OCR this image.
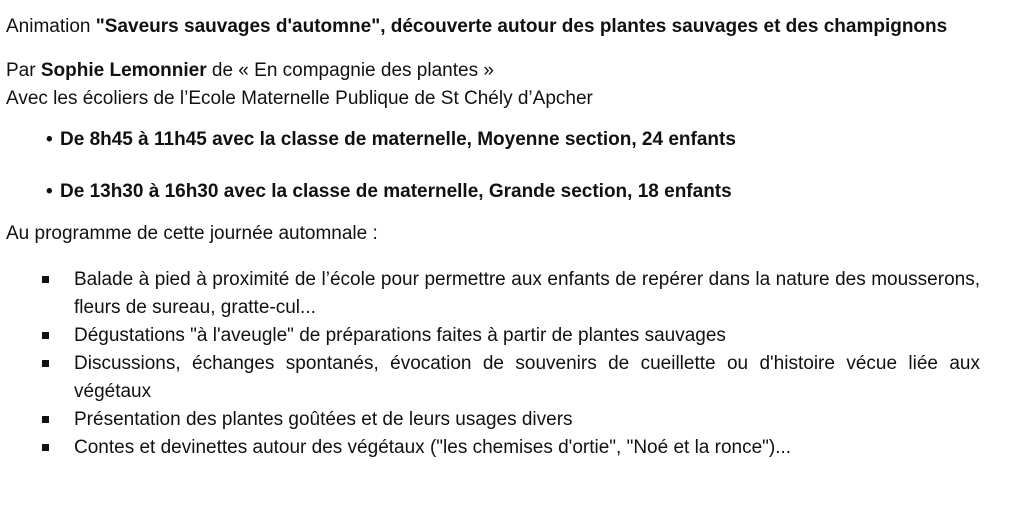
Animation "Saveurs sauvages d'automne", découverte autour des plantes sauvages et des champignons

Par Sophie Lemonnier de « En compagnie des plantes »

Avec les écoliers de l’Ecole Maternelle Publique de St Chély d’Apcher

• De 8h45 à 11h45 avec la classe de maternelle, Moyenne section, 24 enfants
• De 13h30 à 16h30 avec la classe de maternelle, Grande section, 18 enfants

Au programme de cette journée automnale :

Balade à pied à proximité de l’école pour permettre aux enfants de repérer dans la nature des mousserons, fleurs de sureau, gratte-cul...
Dégustations "à l'aveugle" de préparations faites à partir de plantes sauvages
Discussions, échanges spontanés, évocation de souvenirs de cueillette ou d'histoire vécue liée aux végétaux
Présentation des plantes goûtées et de leurs usages divers
Contes et devinettes autour des végétaux ("les chemises d'ortie", "Noé et la ronce")...
